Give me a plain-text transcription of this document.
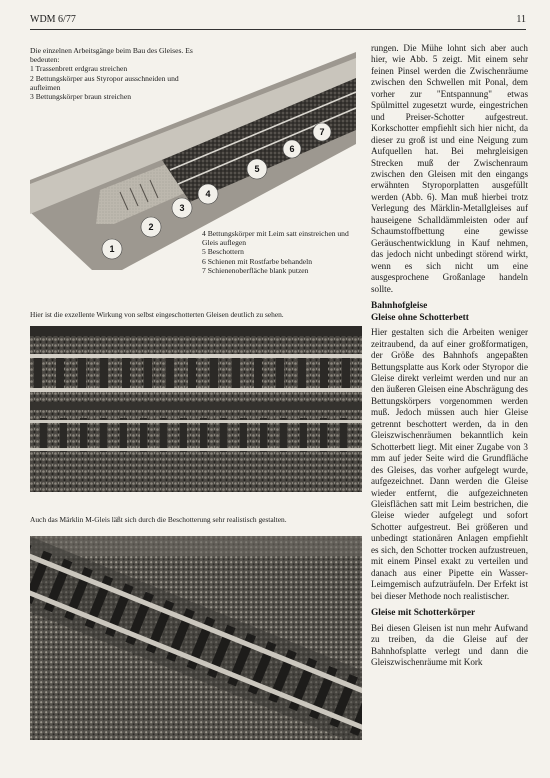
WDM 6/77	11
1
2
3
4
5
6
7
Die einzelnen Arbeitsgänge beim Bau des Gleises. Es bedeuten:
1 Trassenbrett erdgrau streichen
2 Bettungskörper aus Styropor ausschneiden und aufleimen
3 Bettungskörper braun streichen
4 Bettungskörper mit Leim satt einstreichen und Gleis auflegen
5 Beschottern
6 Schienen mit Rostfarbe behandeln
7 Schienenoberfläche blank putzen
Hier ist die exzellente Wirkung von selbst eingeschotterten Gleisen deutlich zu sehen.
Auch das Märklin M-Gleis läßt sich durch die Beschotterung sehr realistisch gestalten.

rungen. Die Mühe lohnt sich aber auch hier, wie Abb. 5 zeigt. Mit einem sehr feinen Pinsel werden die Zwischenräume zwischen den Schwellen mit Ponal, dem vorher zur "Entspannung" etwas Spülmittel zugesetzt wurde, eingestrichen und Preiser-Schotter aufgestreut. Korkschotter empfiehlt sich hier nicht, da dieser zu groß ist und eine Neigung zum Aufquellen hat. Bei mehrgleisigen Strecken muß der Zwischenraum zwischen den Gleisen mit den eingangs erwähnten Styroporplatten ausgefüllt werden (Abb. 6). Man muß hierbei trotz Verlegung des Märklin-Metallgleises auf hauseigene Schalldämmleisten oder auf Schaumstoffbettung eine gewisse Geräuschentwicklung in Kauf nehmen, das jedoch nicht unbedingt störend wirkt, wenn es sich nicht um eine ausgesprochene Großanlage handeln sollte.

Bahnhofgleise
Gleise ohne Schotterbett

Hier gestalten sich die Arbeiten weniger zeitraubend, da auf einer großformatigen, der Größe des Bahnhofs angepaßten Bettungsplatte aus Kork oder Styropor die Gleise direkt verleimt werden und nur an den äußeren Gleisen eine Abschrägung des Bettungskörpers vorgenommen werden muß. Jedoch müssen auch hier Gleise getrennt beschottert werden, da in den Gleiszwischenräumen bekanntlich kein Schotterbett liegt. Mit einer Zugabe von 3 mm auf jeder Seite wird die Grundfläche des Gleises, das vorher aufgelegt wurde, aufgezeichnet. Dann werden die Gleise wieder entfernt, die aufgezeichneten Gleisflächen satt mit Leim bestrichen, die Gleise wieder aufgelegt und sofort Schotter aufgestreut. Bei größeren und unbedingt stationären Anlagen empfiehlt es sich, den Schotter trocken aufzustreuen, mit einem Pinsel exakt zu verteilen und danach aus einer Pipette ein Wasser-Leimgemisch aufzuträufeln. Der Erfekt ist bei dieser Methode noch realistischer.

Gleise mit Schotterkörper

Bei diesen Gleisen ist nun mehr Aufwand zu treiben, da die Gleise auf der Bahnhofsplatte verlegt und dann die Gleiszwischenräume mit Kork
